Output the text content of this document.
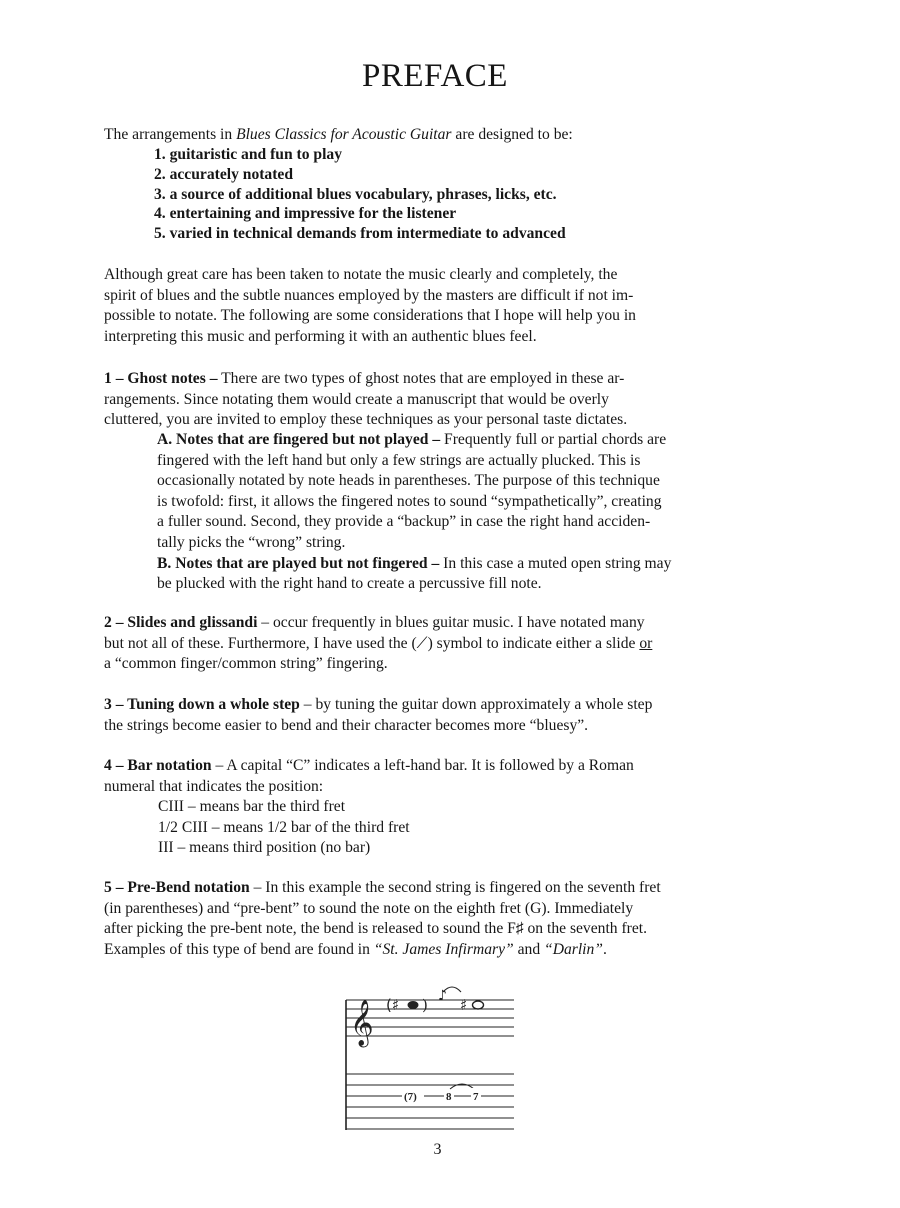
PREFACE

The arrangements in Blues Classics for Acoustic Guitar are designed to be:

1. guitaristic and fun to play
2. accurately notated
3. a source of additional blues vocabulary, phrases, licks, etc.
4. entertaining and impressive for the listener
5. varied in technical demands from intermediate to advanced

Although great care has been taken to notate the music clearly and completely, the
spirit of blues and the subtle nuances employed by the masters are difficult if not im-
possible to notate. The following are some considerations that I hope will help you in
interpreting this music and performing it with an authentic blues feel.

1 – Ghost notes – There are two types of ghost notes that are employed in these ar-
rangements. Since notating them would create a manuscript that would be overly
cluttered, you are invited to employ these techniques as your personal taste dictates.

A. Notes that are fingered but not played – Frequently full or partial chords are
fingered with the left hand but only a few strings are actually plucked. This is
occasionally notated by note heads in parentheses. The purpose of this technique
is twofold: first, it allows the fingered notes to sound “sympathetically”, creating
a fuller sound. Second, they provide a “backup” in case the right hand acciden-
tally picks the “wrong” string.
B. Notes that are played but not fingered – In this case a muted open string may
be plucked with the right hand to create a percussive fill note.

2 – Slides and glissandi – occur frequently in blues guitar music. I have notated many
but not all of these. Furthermore, I have used the (⟋) symbol to indicate either a slide or
a “common finger/common string” fingering.

3 – Tuning down a whole step – by tuning the guitar down approximately a whole step
the strings become easier to bend and their character becomes more “bluesy”.

4 – Bar notation – A capital “C” indicates a left-hand bar. It is followed by a Roman
numeral that indicates the position:

CIII – means bar the third fret
1/2 CIII – means 1/2 bar of the third fret
III – means third position (no bar)

5 – Pre-Bend notation – In this example the second string is fingered on the seventh fret
(in parentheses) and “pre-bent” to sound the note on the eighth fret (G). Immediately
after picking the pre-bent note, the bend is released to sound the F♯ on the seventh fret.
Examples of this type of bend are found in “St. James Infirmary” and “Darlin”.

𝄞 (♯ ) ♪ ♯
(7)	8 7
3
